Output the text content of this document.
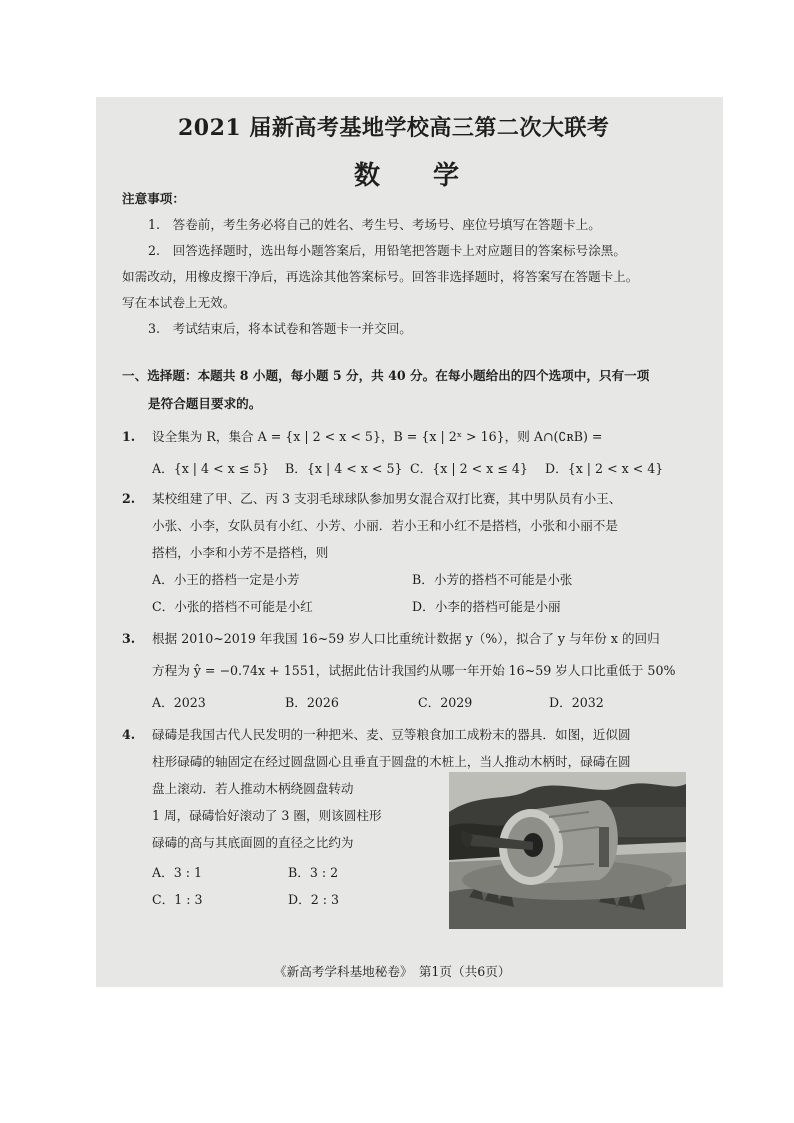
2021 届新高考基地学校高三第二次大联考
数 学
注意事项：
1.　答卷前，考生务必将自己的姓名、考生号、考场号、座位号填写在答题卡上。
2.　回答选择题时，选出每小题答案后，用铅笔把答题卡上对应题目的答案标号涂黑。
如需改动，用橡皮擦干净后，再选涂其他答案标号。回答非选择题时，将答案写在答题卡上。
写在本试卷上无效。
3.　考试结束后，将本试卷和答题卡一并交回。
一、选择题：本题共 8 小题，每小题 5 分，共 40 分。在每小题给出的四个选项中，只有一项
是符合题目要求的。
1. 设全集为 R，集合 A = {x | 2 < x < 5}，B = {x | 2ˣ > 16}，则 A∩(∁ʀB) =
A．{x | 4 < x ≤ 5} B．{x | 4 < x < 5} C．{x | 2 < x ≤ 4} D．{x | 2 < x < 4}
2. 某校组建了甲、乙、丙 3 支羽毛球球队参加男女混合双打比赛，其中男队员有小王、
小张、小李，女队员有小红、小芳、小丽．若小王和小红不是搭档，小张和小丽不是
搭档，小李和小芳不是搭档，则
A．小王的搭档一定是小芳	B．小芳的搭档不可能是小张
C．小张的搭档不可能是小红	D．小李的搭档可能是小丽
3. 根据 2010~2019 年我国 16~59 岁人口比重统计数据 y（%），拟合了 y 与年份 x 的回归
方程为 ŷ = −0.74x + 1551，试据此估计我国约从哪一年开始 16~59 岁人口比重低于 50%
A．2023	B．2026	C．2029	D．2032
4. 碌碡是我国古代人民发明的一种把米、麦、豆等粮食加工成粉末的器具．如图，近似圆
柱形碌碡的轴固定在经过圆盘圆心且垂直于圆盘的木桩上，当人推动木柄时，碌碡在圆
盘上滚动．若人推动木柄绕圆盘转动
1 周，碌碡恰好滚动了 3 圈，则该圆柱形
碌碡的高与其底面圆的直径之比约为
A．3 : 1	B．3 : 2
C．1 : 3	D．2 : 3
《新高考学科基地秘卷》　第1页（共6页）
